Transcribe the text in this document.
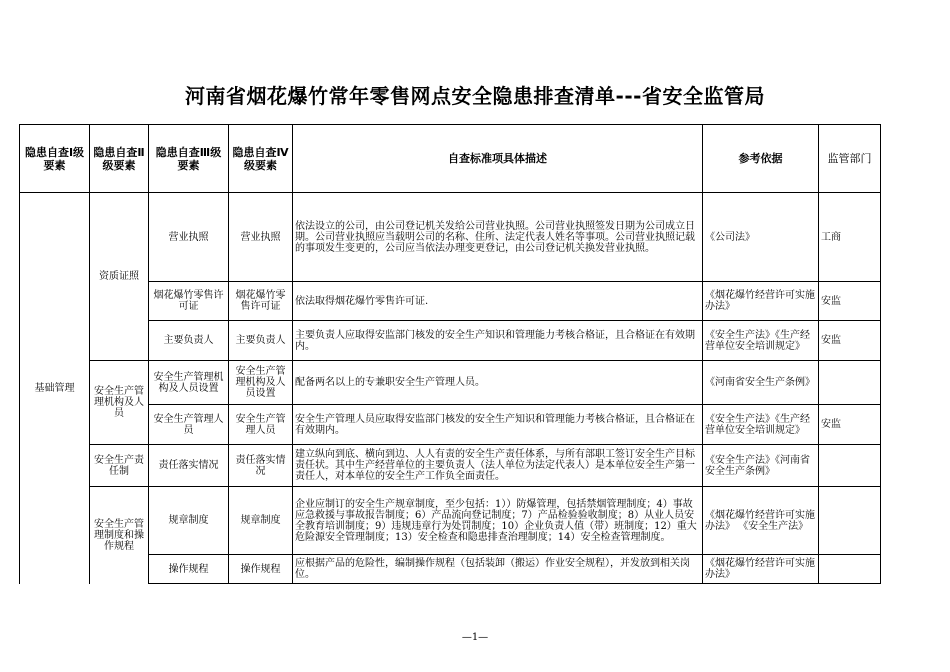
河南省烟花爆竹常年零售网点安全隐患排查清单---省安全监管局
隐患自查Ⅰ级要素	隐患自查Ⅱ级要素	隐患自查Ⅲ级要素	隐患自查Ⅳ级要素	自查标准项具体描述	参考依据	监管部门
基础管理	资质证照	营业执照	营业执照	依法设立的公司，由公司登记机关发给公司营业执照。公司营业执照签发日期为公司成立日期。公司营业执照应当载明公司的名称、住所、法定代表人姓名等事项。公司营业执照记载的事项发生变更的，公司应当依法办理变更登记，由公司登记机关换发营业执照。	《公司法》	工商
		烟花爆竹零售许可证	烟花爆竹零售许可证	依法取得烟花爆竹零售许可证.	《烟花爆竹经营许可实施办法》	安监
		主要负责人	主要负责人	主要负责人应取得安监部门核发的安全生产知识和管理能力考核合格证，且合格证在有效期内。	《安全生产法》《生产经营单位安全培训规定》	安监
	安全生产管理机构及人员	安全生产管理机构及人员设置	安全生产管理机构及人员设置	配备两名以上的专兼职安全生产管理人员。	《河南省安全生产条例》	
		安全生产管理人员	安全生产管理人员	安全生产管理人员应取得安监部门核发的安全生产知识和管理能力考核合格证，且合格证在有效期内。	《安全生产法》《生产经营单位安全培训规定》	安监
	安全生产责任制	责任落实情况	责任落实情况	建立纵向到底、横向到边、人人有责的安全生产责任体系，与所有部职工签订安全生产目标责任状。其中生产经营单位的主要负责人（法人单位为法定代表人）是本单位安全生产第一责任人，对本单位的安全生产工作负全面责任。	《安全生产法》《河南省安全生产条例》	
	安全生产管理制度和操作规程	规章制度	规章制度	企业应制订的安全生产规章制度，至少包括：1））防爆管理，包括禁烟管理制度；4）事故应急救援与事故报告制度；6）产品流向登记制度；7）产品检验验收制度；8）从业人员安全教育培训制度；9）违规违章行为处罚制度；10）企业负责人值（带）班制度；12）重大危险源安全管理制度；13）安全检查和隐患排查治理制度；14）安全检查管理制度。	《烟花爆竹经营许可实施办法》 《安全生产法》	
		操作规程	操作规程	应根据产品的危险性，编制操作规程（包括装卸（搬运）作业安全规程），并发放到相关岗位。	《烟花爆竹经营许可实施办法》	
—1—
